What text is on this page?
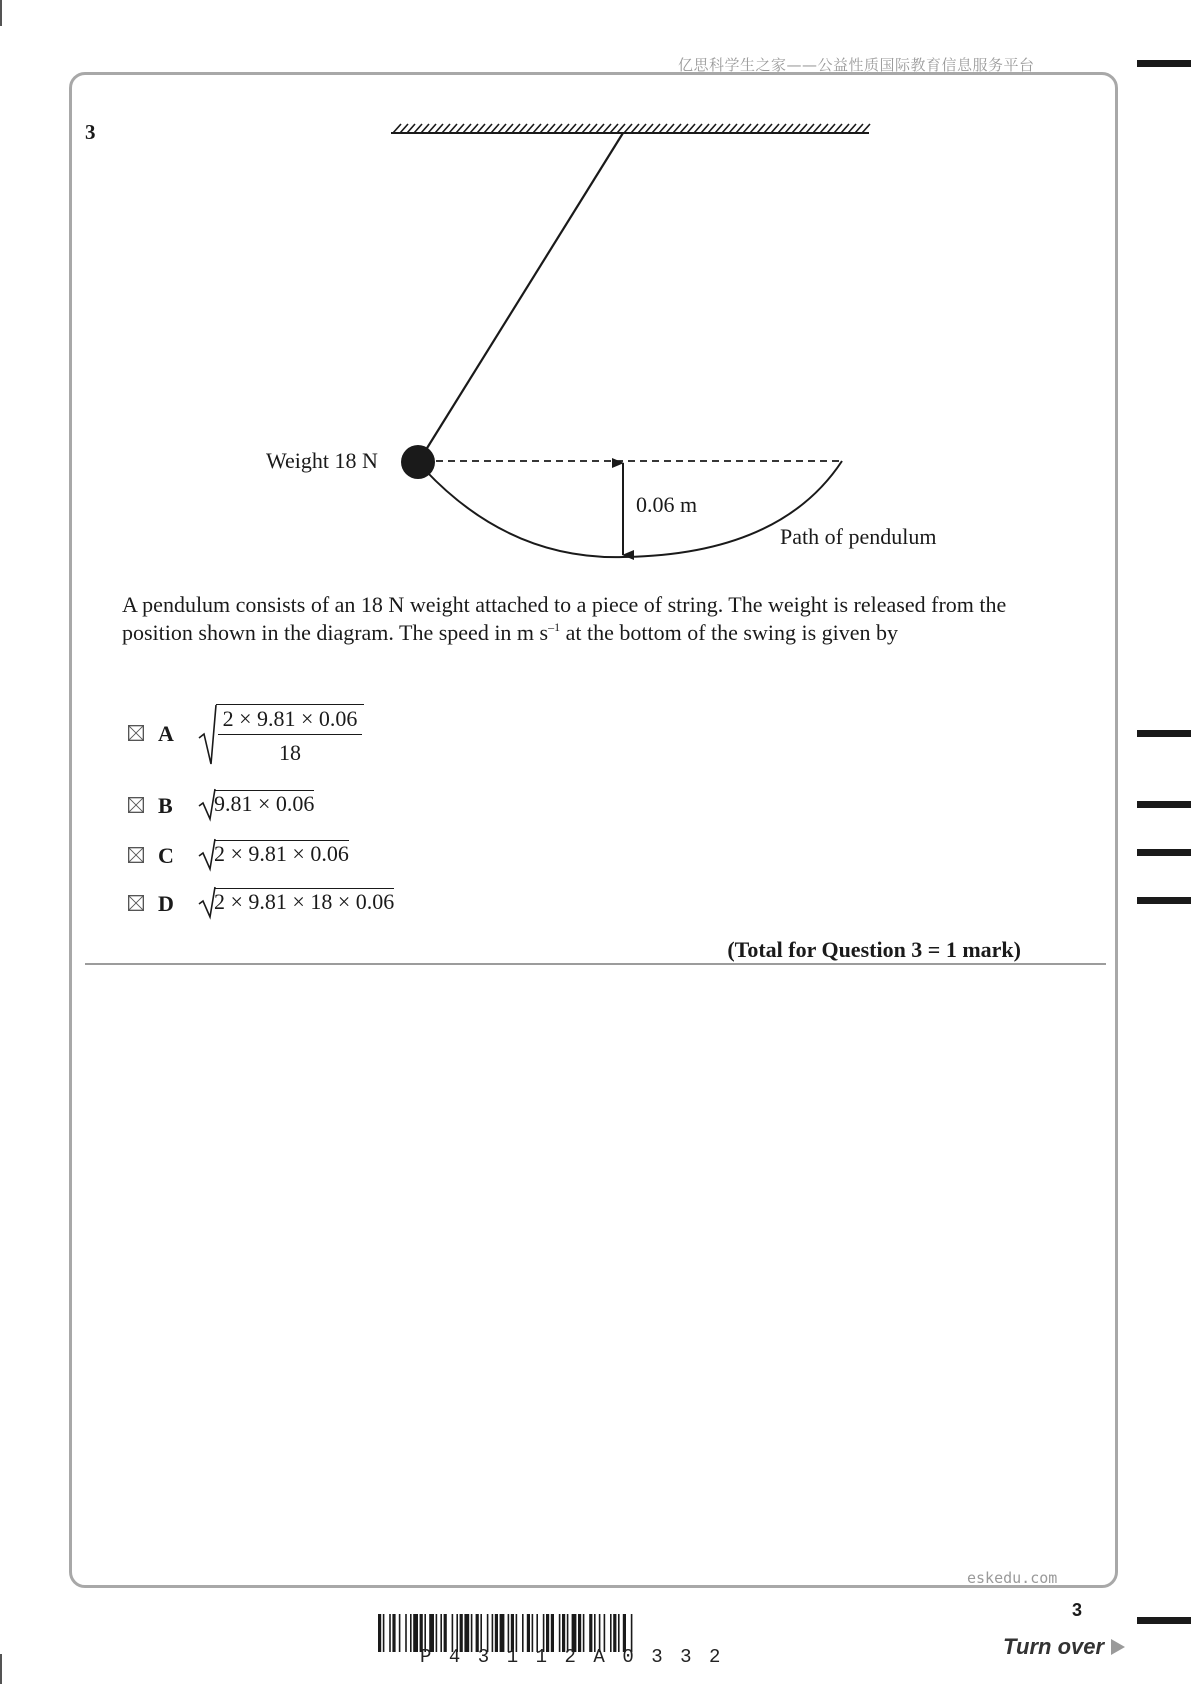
亿思科学生之家——公益性质国际教育信息服务平台
3
Weight 18 N
0.06 m
Path of pendulum
A pendulum consists of an 18 N weight attached to a piece of string. The weight is released from the position shown in the diagram. The speed in m $s^{-1}$ at the bottom of the swing is given by
A
2 × 9.81 × 0.06
18
B 9.81 × 0.06
C 2 × 9.81 × 0.06
D 2 × 9.81 × 18 × 0.06
(Total for Question 3 = 1 mark)
eskedu.com
3
Turn over
P43112A0332
